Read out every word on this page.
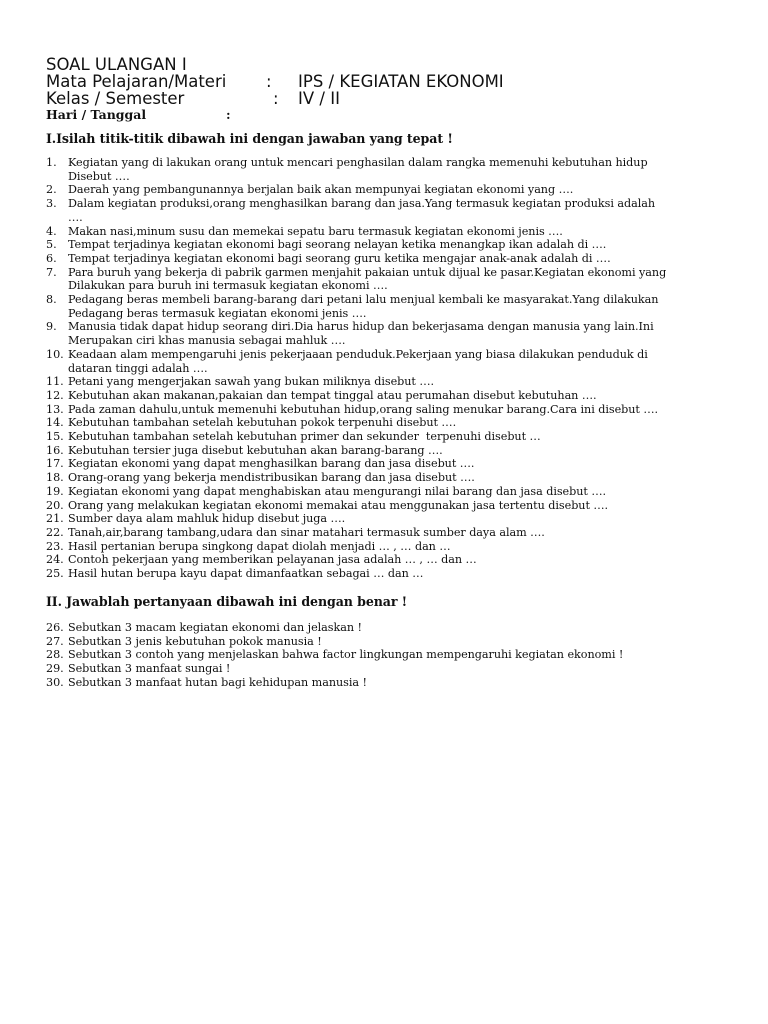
SOAL ULANGAN I
Mata Pelajaran/Materi : IPS / KEGIATAN EKONOMI
Kelas / Semester	: IV / II
Hari / Tanggal	:

I.Isilah titik-titik dibawah ini dengan jawaban yang tepat !

1. Kegiatan yang di lakukan orang untuk mencari penghasilan dalam rangka memenuhi kebutuhan hidup
Disebut ….
2. Daerah yang pembangunannya berjalan baik akan mempunyai kegiatan ekonomi yang ….
3. Dalam kegiatan produksi,orang menghasilkan barang dan jasa.Yang termasuk kegiatan produksi adalah
….
4. Makan nasi,minum susu dan memekai sepatu baru termasuk kegiatan ekonomi jenis ….
5. Tempat terjadinya kegiatan ekonomi bagi seorang nelayan ketika menangkap ikan adalah di ….
6. Tempat terjadinya kegiatan ekonomi bagi seorang guru ketika mengajar anak-anak adalah di ….
7. Para buruh yang bekerja di pabrik garmen menjahit pakaian untuk dijual ke pasar.Kegiatan ekonomi yang
Dilakukan para buruh ini termasuk kegiatan ekonomi ….
8. Pedagang beras membeli barang-barang dari petani lalu menjual kembali ke masyarakat.Yang dilakukan
Pedagang beras termasuk kegiatan ekonomi jenis ….
9. Manusia tidak dapat hidup seorang diri.Dia harus hidup dan bekerjasama dengan manusia yang lain.Ini
Merupakan ciri khas manusia sebagai mahluk ….
10. Keadaan alam mempengaruhi jenis pekerjaaan penduduk.Pekerjaan yang biasa dilakukan penduduk di
dataran tinggi adalah ….
11. Petani yang mengerjakan sawah yang bukan miliknya disebut ….
12. Kebutuhan akan makanan,pakaian dan tempat tinggal atau perumahan disebut kebutuhan ….
13. Pada zaman dahulu,untuk memenuhi kebutuhan hidup,orang saling menukar barang.Cara ini disebut ….
14. Kebutuhan tambahan setelah kebutuhan pokok terpenuhi disebut ….
15. Kebutuhan tambahan setelah kebutuhan primer dan sekunder  terpenuhi disebut …
16. Kebutuhan tersier juga disebut kebutuhan akan barang-barang ….
17. Kegiatan ekonomi yang dapat menghasilkan barang dan jasa disebut ….
18. Orang-orang yang bekerja mendistribusikan barang dan jasa disebut ….
19. Kegiatan ekonomi yang dapat menghabiskan atau mengurangi nilai barang dan jasa disebut ….
20. Orang yang melakukan kegiatan ekonomi memakai atau menggunakan jasa tertentu disebut ….
21. Sumber daya alam mahluk hidup disebut juga ….
22. Tanah,air,barang tambang,udara dan sinar matahari termasuk sumber daya alam ….
23. Hasil pertanian berupa singkong dapat diolah menjadi … , … dan …
24. Contoh pekerjaan yang memberikan pelayanan jasa adalah … , … dan …
25. Hasil hutan berupa kayu dapat dimanfaatkan sebagai … dan …

II. Jawablah pertanyaan dibawah ini dengan benar !

26. Sebutkan 3 macam kegiatan ekonomi dan jelaskan !
27. Sebutkan 3 jenis kebutuhan pokok manusia !
28. Sebutkan 3 contoh yang menjelaskan bahwa factor lingkungan mempengaruhi kegiatan ekonomi !
29. Sebutkan 3 manfaat sungai !
30. Sebutkan 3 manfaat hutan bagi kehidupan manusia !
